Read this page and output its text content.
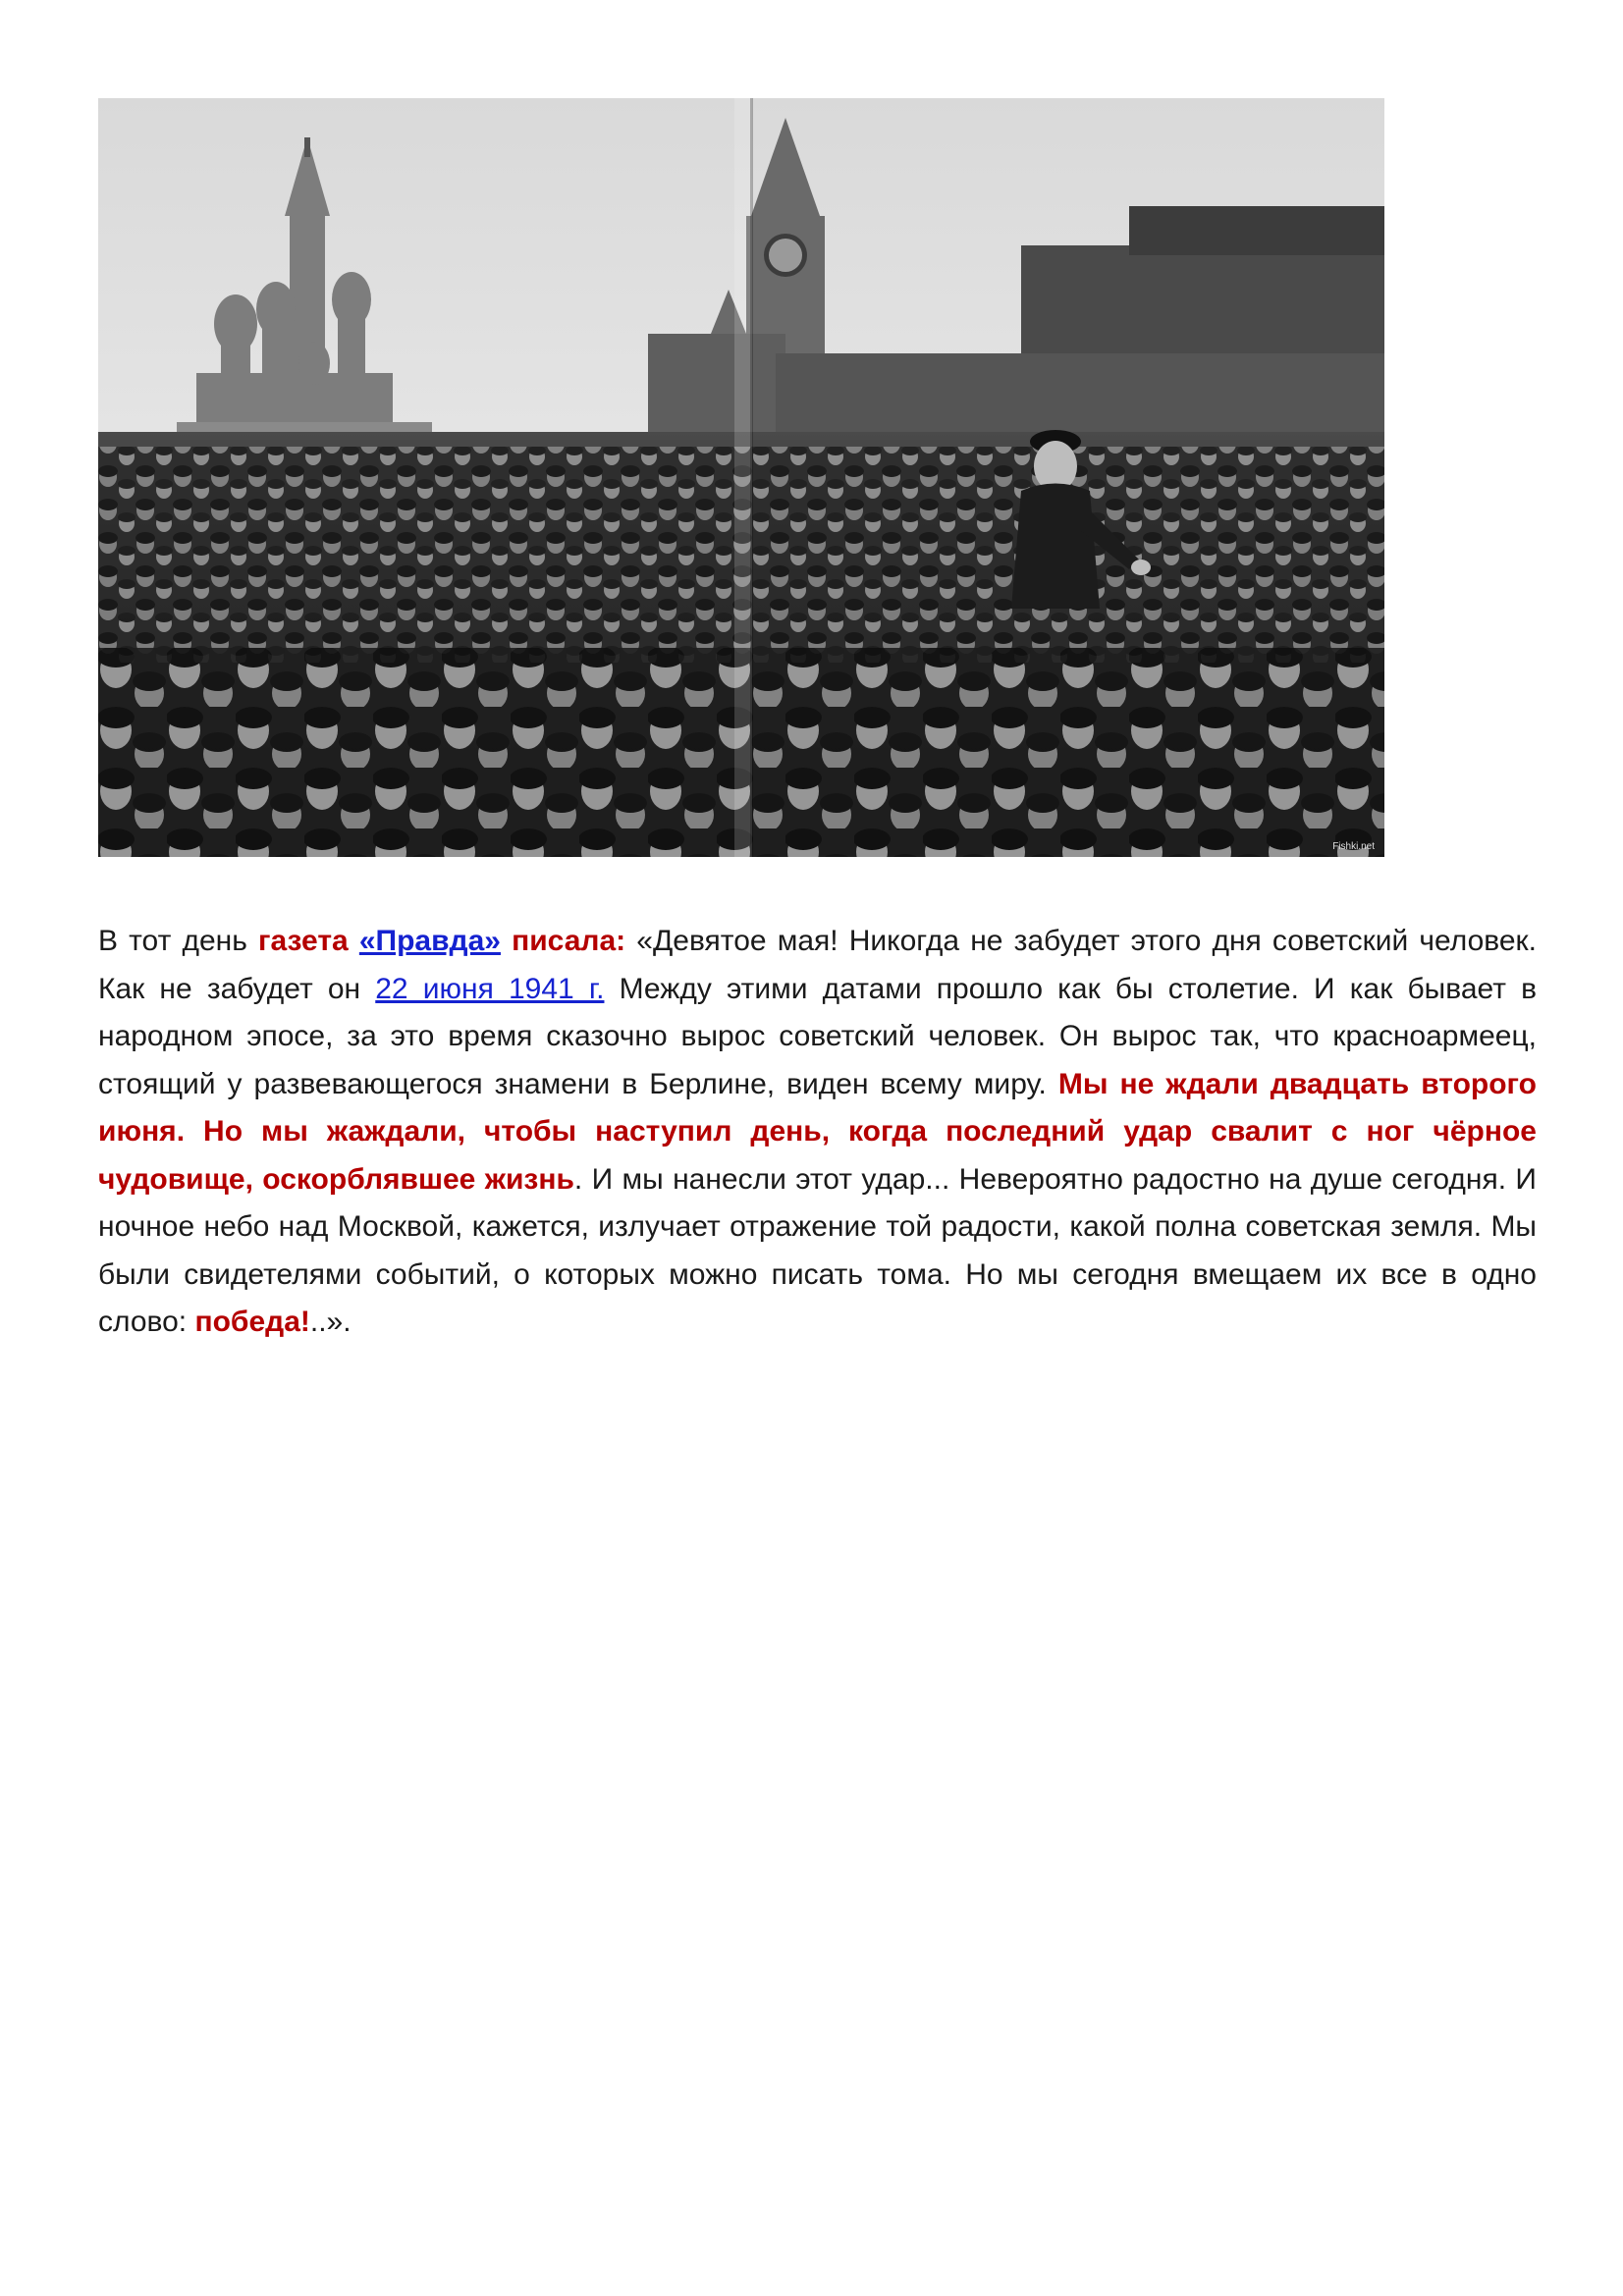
Fishki.net

В тот день газета «Правда» писала: «Девятое мая! Никогда не забудет этого дня советский человек. Как не забудет он 22 июня 1941 г. Между этими датами прошло как бы столетие. И как бывает в народном эпосе, за это время сказочно вырос советский человек. Он вырос так, что красноармеец, стоящий у развевающегося знамени в Берлине, виден всему миру. Мы не ждали двадцать второго июня. Но мы жаждали, чтобы наступил день, когда последний удар свалит с ног чёрное чудовище, оскорблявшее жизнь. И мы нанесли этот удар... Невероятно радостно на душе сегодня. И ночное небо над Москвой, кажется, излучает отражение той радости, какой полна советская земля. Мы были свидетелями событий, о которых можно писать тома. Но мы сегодня вмещаем их все в одно слово: победа!..».
